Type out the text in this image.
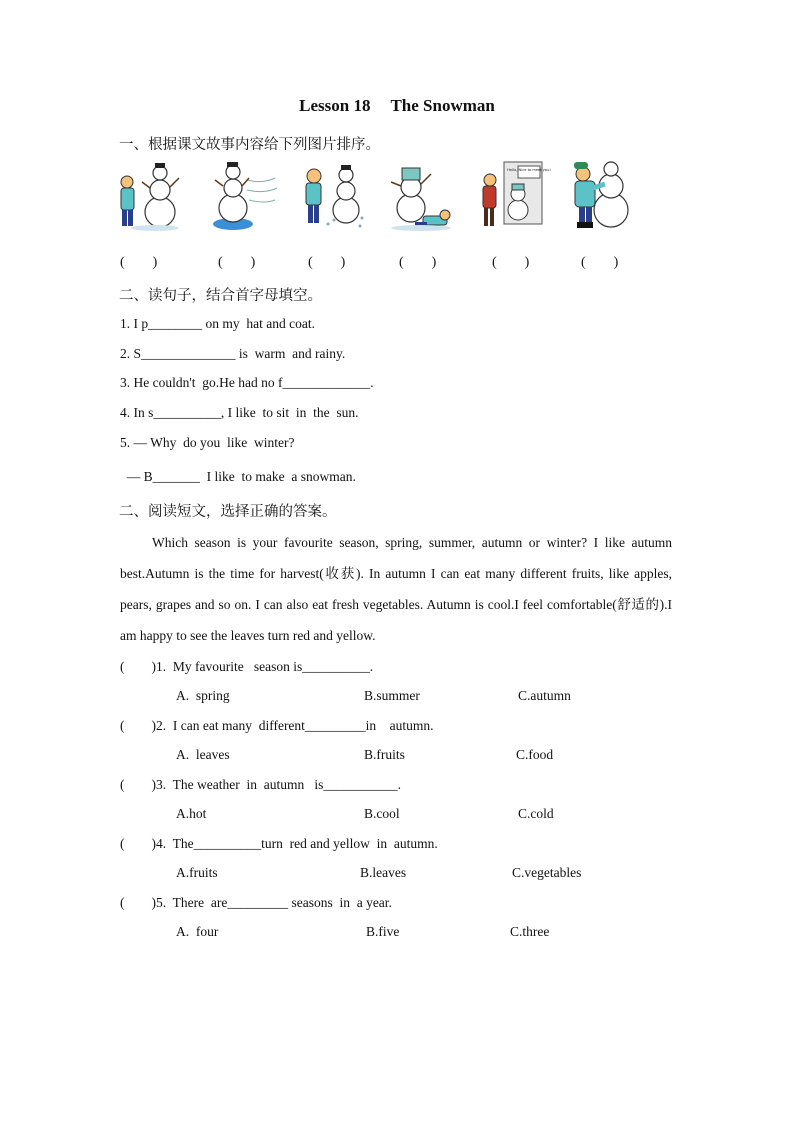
Lesson 18 The Snowman
一、根据课文故事内容给下列图片排序。
Hello, Nice to meet you!
(        )	(        )	(        )	(        )	(        )	(        )
二、读句子，结合首字母填空。
1. I p________ on my  hat and coat.
2. S______________ is  warm  and rainy.
3. He couldn't  go.He had no f_____________.
4. In s__________, I like  to sit  in  the  sun.
5. — Why  do you  like  winter?
— B_______  I like  to make  a snowman.
二、阅读短文，选择正确的答案。

Which season is your favourite season, spring, summer, autumn or winter? I like autumn best.Autumn is the time for harvest(收获). In autumn I can eat many different fruits, like apples, pears, grapes and so on. I can also eat fresh vegetables. Autumn is cool.I feel comfortable(舒适的).I am happy to see the leaves turn red and yellow.

(        )1.  My favourite   season is__________.
A.  spring	B.summer	C.autumn
(        )2.  I can eat many  different_________in    autumn.
A.  leaves	B.fruits	C.food
(        )3.  The weather  in  autumn   is___________.
A.hot	B.cool	C.cold
(        )4.  The__________turn  red and yellow  in  autumn.
A.fruits	B.leaves	C.vegetables
(        )5.  There  are_________ seasons  in  a year.
A.  four	B.five	C.three
